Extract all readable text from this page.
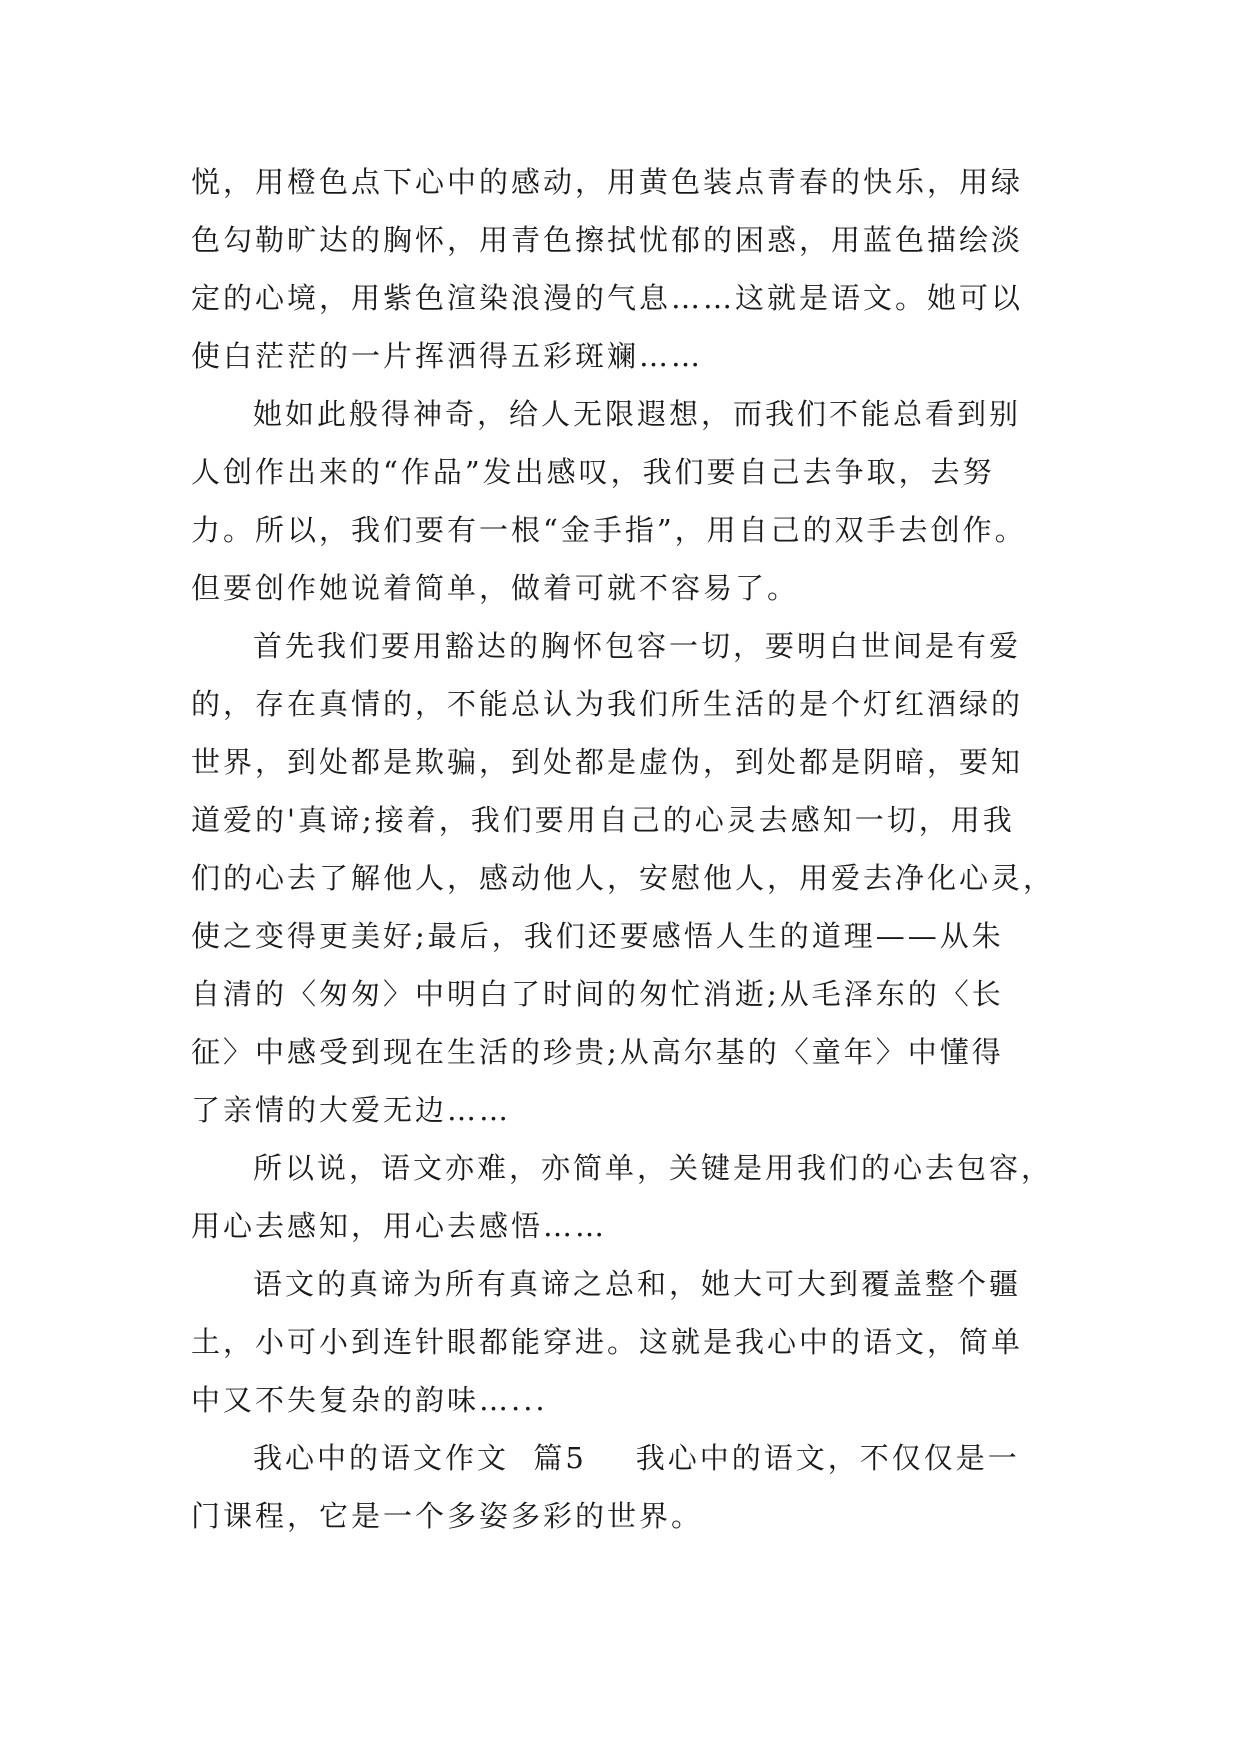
悦，用橙色点下心中的感动，用黄色装点青春的快乐，用绿
色勾勒旷达的胸怀，用青色擦拭忧郁的困惑，用蓝色描绘淡
定的心境，用紫色渲染浪漫的气息……这就是语文。她可以
使白茫茫的一片挥洒得五彩斑斓……
她如此般得神奇，给人无限遐想，而我们不能总看到别
人创作出来的“作品”发出感叹，我们要自己去争取，去努
力。所以，我们要有一根“金手指”，用自己的双手去创作。
但要创作她说着简单，做着可就不容易了。
首先我们要用豁达的胸怀包容一切，要明白世间是有爱
的，存在真情的，不能总认为我们所生活的是个灯红酒绿的
世界，到处都是欺骗，到处都是虚伪，到处都是阴暗，要知
道爱的'真谛;接着，我们要用自己的心灵去感知一切，用我
们的心去了解他人，感动他人，安慰他人，用爱去净化心灵，
使之变得更美好;最后，我们还要感悟人生的道理——从朱
自清的〈匆匆〉中明白了时间的匆忙消逝;从毛泽东的〈长
征〉中感受到现在生活的珍贵;从高尔基的〈童年〉中懂得
了亲情的大爱无边……
所以说，语文亦难，亦简单，关键是用我们的心去包容，
用心去感知，用心去感悟……
语文的真谛为所有真谛之总和，她大可大到覆盖整个疆
土，小可小到连针眼都能穿进。这就是我心中的语文，简单
中又不失复杂的韵味…...
我心中的语文作文  篇5    我心中的语文，不仅仅是一
门课程，它是一个多姿多彩的世界。
